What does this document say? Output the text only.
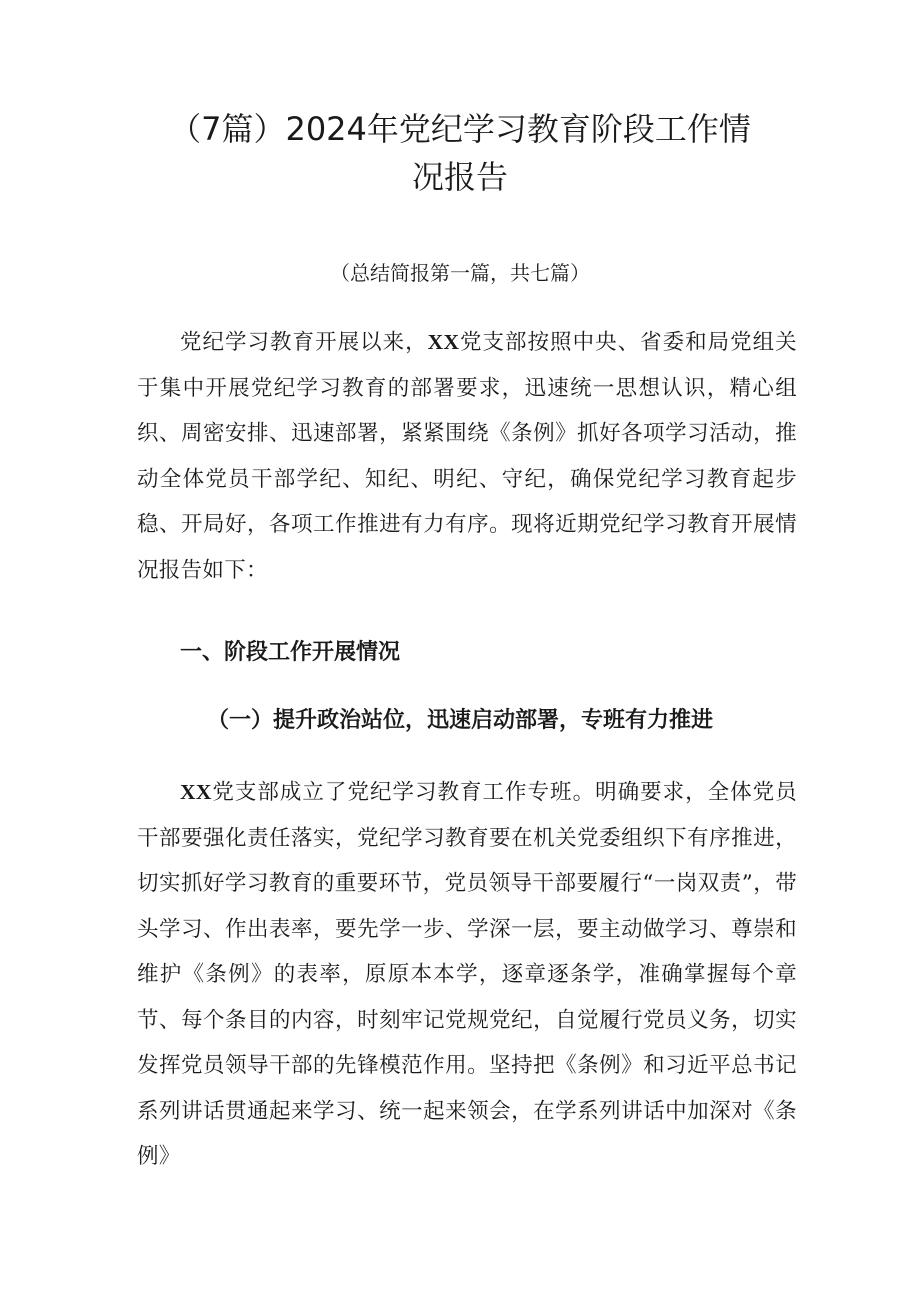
（7篇）2024年党纪学习教育阶段工作情
况报告

（总结简报第一篇，共七篇）

党纪学习教育开展以来，XX党支部按照中央、省委和局党组关于集中开展党纪学习教育的部署要求，迅速统一思想认识，精心组织、周密安排、迅速部署，紧紧围绕《条例》抓好各项学习活动，推动全体党员干部学纪、知纪、明纪、守纪，确保党纪学习教育起步稳、开局好，各项工作推进有力有序。现将近期党纪学习教育开展情况报告如下：

一、阶段工作开展情况
（一）提升政治站位，迅速启动部署，专班有力推进

XX党支部成立了党纪学习教育工作专班。明确要求，全体党员干部要强化责任落实，党纪学习教育要在机关党委组织下有序推进，切实抓好学习教育的重要环节，党员领导干部要履行“一岗双责”，带头学习、作出表率，要先学一步、学深一层，要主动做学习、尊崇和维护《条例》的表率，原原本本学，逐章逐条学，准确掌握每个章节、每个条目的内容，时刻牢记党规党纪，自觉履行党员义务，切实发挥党员领导干部的先锋模范作用。坚持把《条例》和习近平总书记系列讲话贯通起来学习、统一起来领会，在学系列讲话中加深对《条例》
